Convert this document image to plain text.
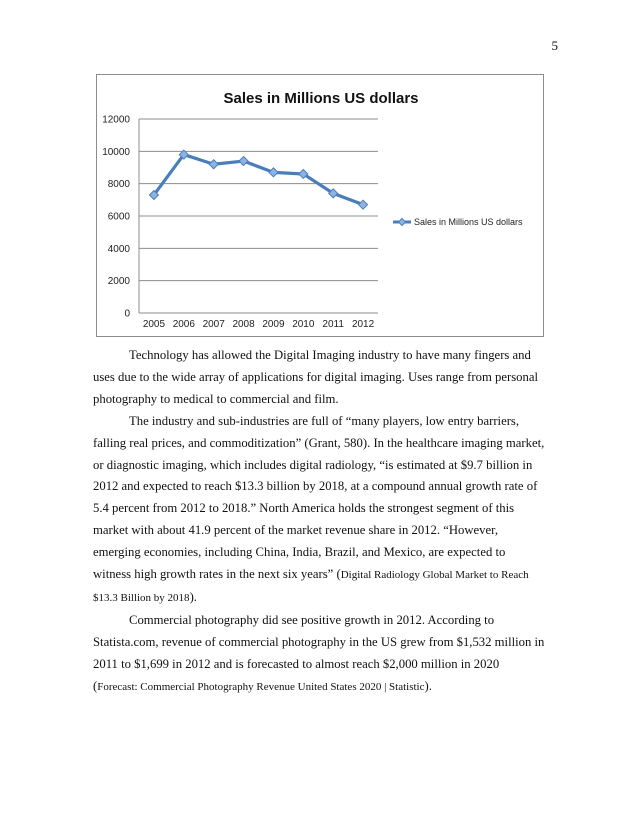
5
Sales in Millions US dollars
0
2000
4000
6000
8000
10000
12000
2005 2006 2007 2008 2009 2010 2011 2012
Sales in Millions US dollars

Technology has allowed the Digital Imaging industry to have many fingers and uses due to the wide array of applications for digital imaging. Uses range from personal photography to medical to commercial and film.

The industry and sub-industries are full of “many players, low entry barriers, falling real prices, and commoditization” (Grant, 580). In the healthcare imaging market, or diagnostic imaging, which includes digital radiology, “is estimated at $9.7 billion in 2012 and expected to reach $13.3 billion by 2018, at a compound annual growth rate of 5.4 percent from 2012 to 2018.” North America holds the strongest segment of this market with about 41.9 percent of the market revenue share in 2012. “However, emerging economies, including China, India, Brazil, and Mexico, are expected to witness high growth rates in the next six years” (Digital Radiology Global Market to Reach $13.3 Billion by 2018).

Commercial photography did see positive growth in 2012. According to Statista.com, revenue of commercial photography in the US grew from $1,532 million in 2011 to $1,699 in 2012 and is forecasted to almost reach $2,000 million in 2020 (Forecast: Commercial Photography Revenue United States 2020 | Statistic).
